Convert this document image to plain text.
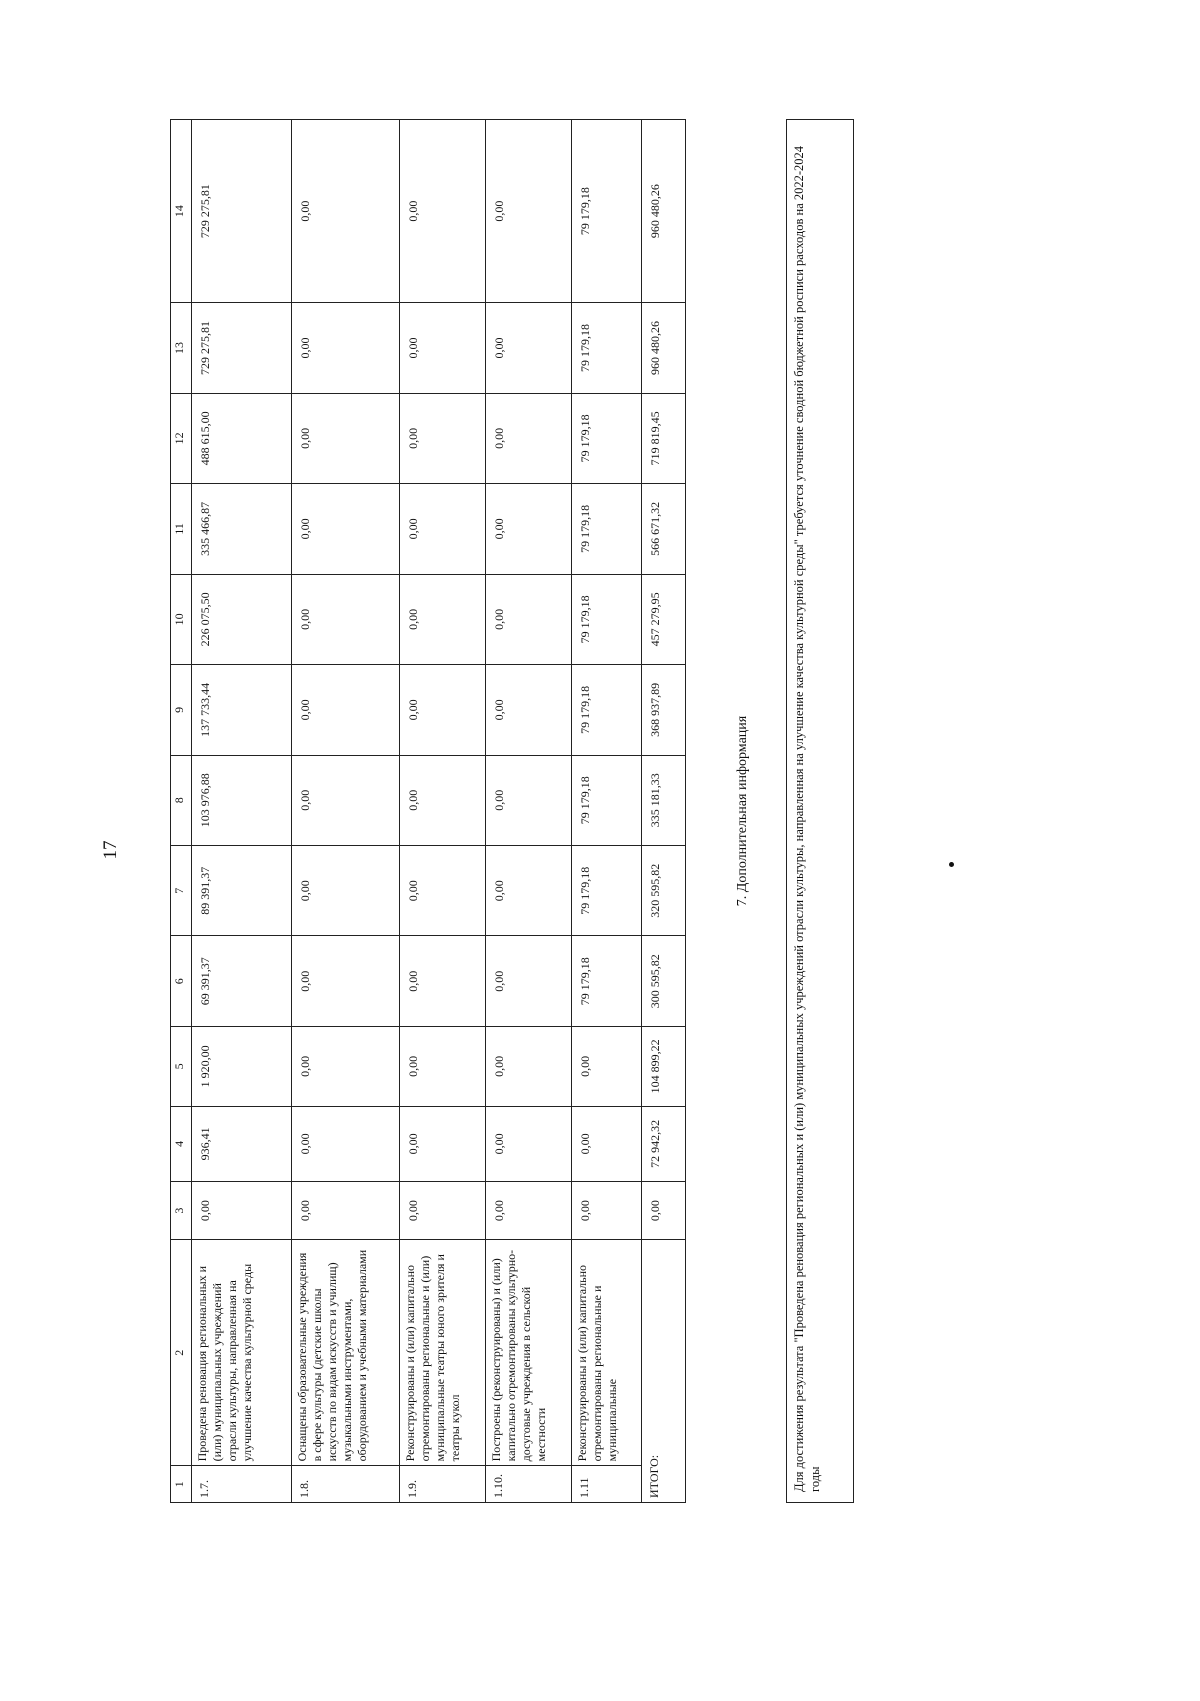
17
1	2	3	4	5	6	7	8	9	10	11	12	13	14
1.7.	Проведена реновация региональных и (или) муниципальных учреждений отрасли культуры, направленная на улучшение качества культурной среды	0,00	936,41	1 920,00	69 391,37	89 391,37	103 976,88	137 733,44	226 075,50	335 466,87	488 615,00	729 275,81	729 275,81
1.8.	Оснащены образовательные учреждения в сфере культуры (детские школы искусств по видам искусств и училищ) музыкальными инструментами, оборудованием и учебными материалами	0,00	0,00	0,00	0,00	0,00	0,00	0,00	0,00	0,00	0,00	0,00	0,00
1.9.	Реконструированы и (или) капитально отремонтированы региональные и (или) муниципальные театры юного зрителя и театры кукол	0,00	0,00	0,00	0,00	0,00	0,00	0,00	0,00	0,00	0,00	0,00	0,00
1.10.	Построены (реконструированы) и (или) капитально отремонтированы культурно-досуговые учреждения в сельской местности	0,00	0,00	0,00	0,00	0,00	0,00	0,00	0,00	0,00	0,00	0,00	0,00
1.11	Реконструированы и (или) капитально отремонтированы региональные и муниципальные	0,00	0,00	0,00	79 179,18	79 179,18	79 179,18	79 179,18	79 179,18	79 179,18	79 179,18	79 179,18	79 179,18
ИТОГО:		0,00	72 942,32	104 899,22	300 595,82	320 595,82	335 181,33	368 937,89	457 279,95	566 671,32	719 819,45	960 480,26	960 480,26
7. Дополнительная информация	Для достижения результата "Проведена реновация региональных и (или) муниципальных учреждений отрасли культуры, направленная на улучшение качества культурной среды" требуется уточнение сводной бюджетной росписи расходов на 2022-2024 годы
